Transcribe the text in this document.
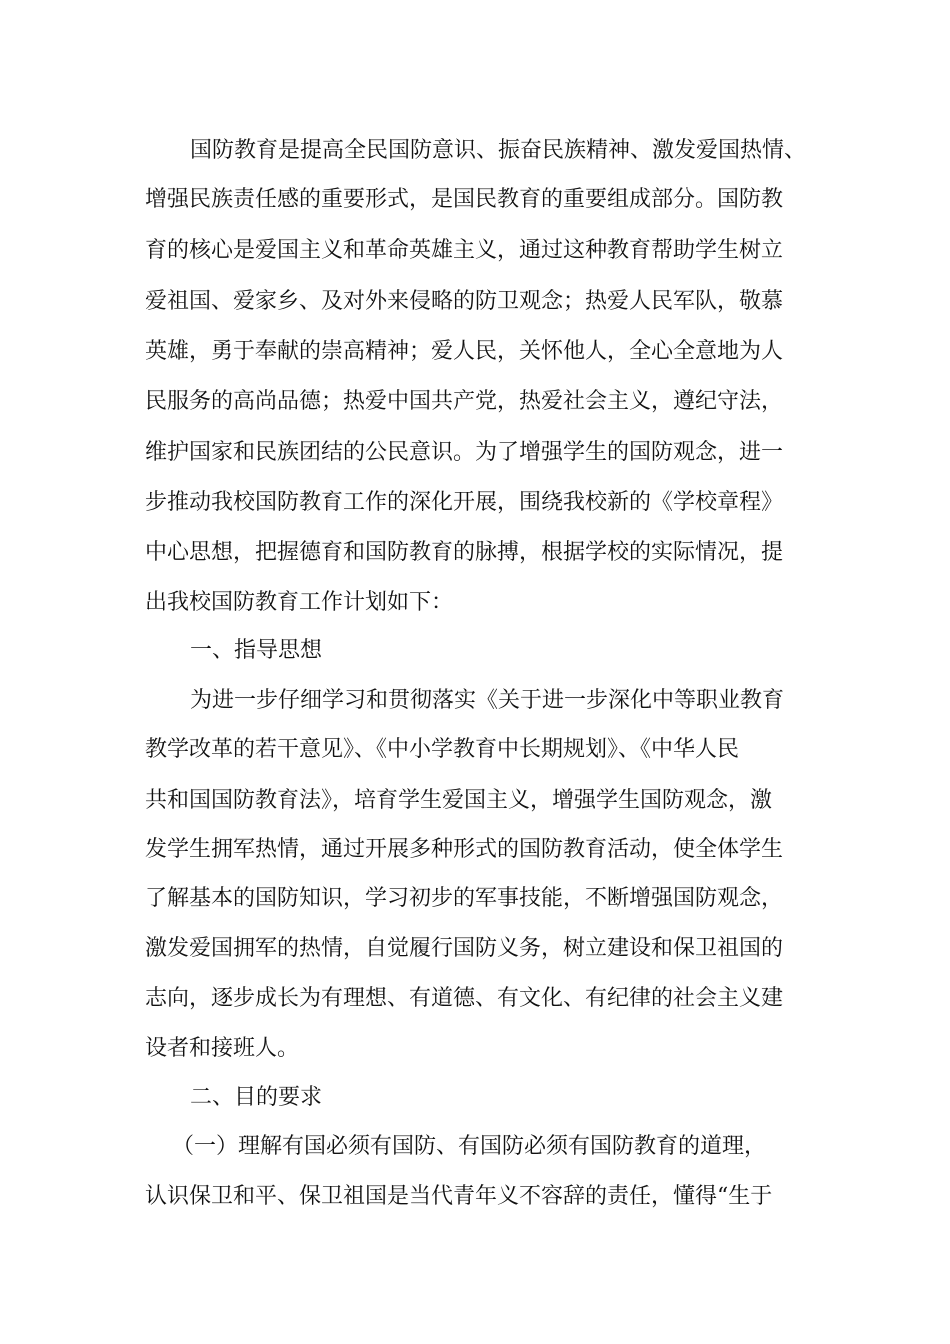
国防教育是提高全民国防意识、振奋民族精神、激发爱国热情、

增强民族责任感的重要形式，是国民教育的重要组成部分。国防教

育的核心是爱国主义和革命英雄主义，通过这种教育帮助学生树立

爱祖国、爱家乡、及对外来侵略的防卫观念；热爱人民军队，敬慕

英雄，勇于奉献的崇高精神；爱人民，关怀他人，全心全意地为人

民服务的高尚品德；热爱中国共产党，热爱社会主义，遵纪守法，

维护国家和民族团结的公民意识。为了增强学生的国防观念，进一

步推动我校国防教育工作的深化开展，围绕我校新的《学校章程》

中心思想，把握德育和国防教育的脉搏，根据学校的实际情况，提

出我校国防教育工作计划如下：

一、指导思想

为进一步仔细学习和贯彻落实《关于进一步深化中等职业教育

教学改革的若干意见》、《中小学教育中长期规划》、《中华人民

共和国国防教育法》，培育学生爱国主义，增强学生国防观念，激

发学生拥军热情，通过开展多种形式的国防教育活动，使全体学生

了解基本的国防知识，学习初步的军事技能，不断增强国防观念，

激发爱国拥军的热情，自觉履行国防义务，树立建设和保卫祖国的

志向，逐步成长为有理想、有道德、有文化、有纪律的社会主义建

设者和接班人。

二、目的要求

（一）理解有国必须有国防、有国防必须有国防教育的道理，

认识保卫和平、保卫祖国是当代青年义不容辞的责任，懂得“生于
